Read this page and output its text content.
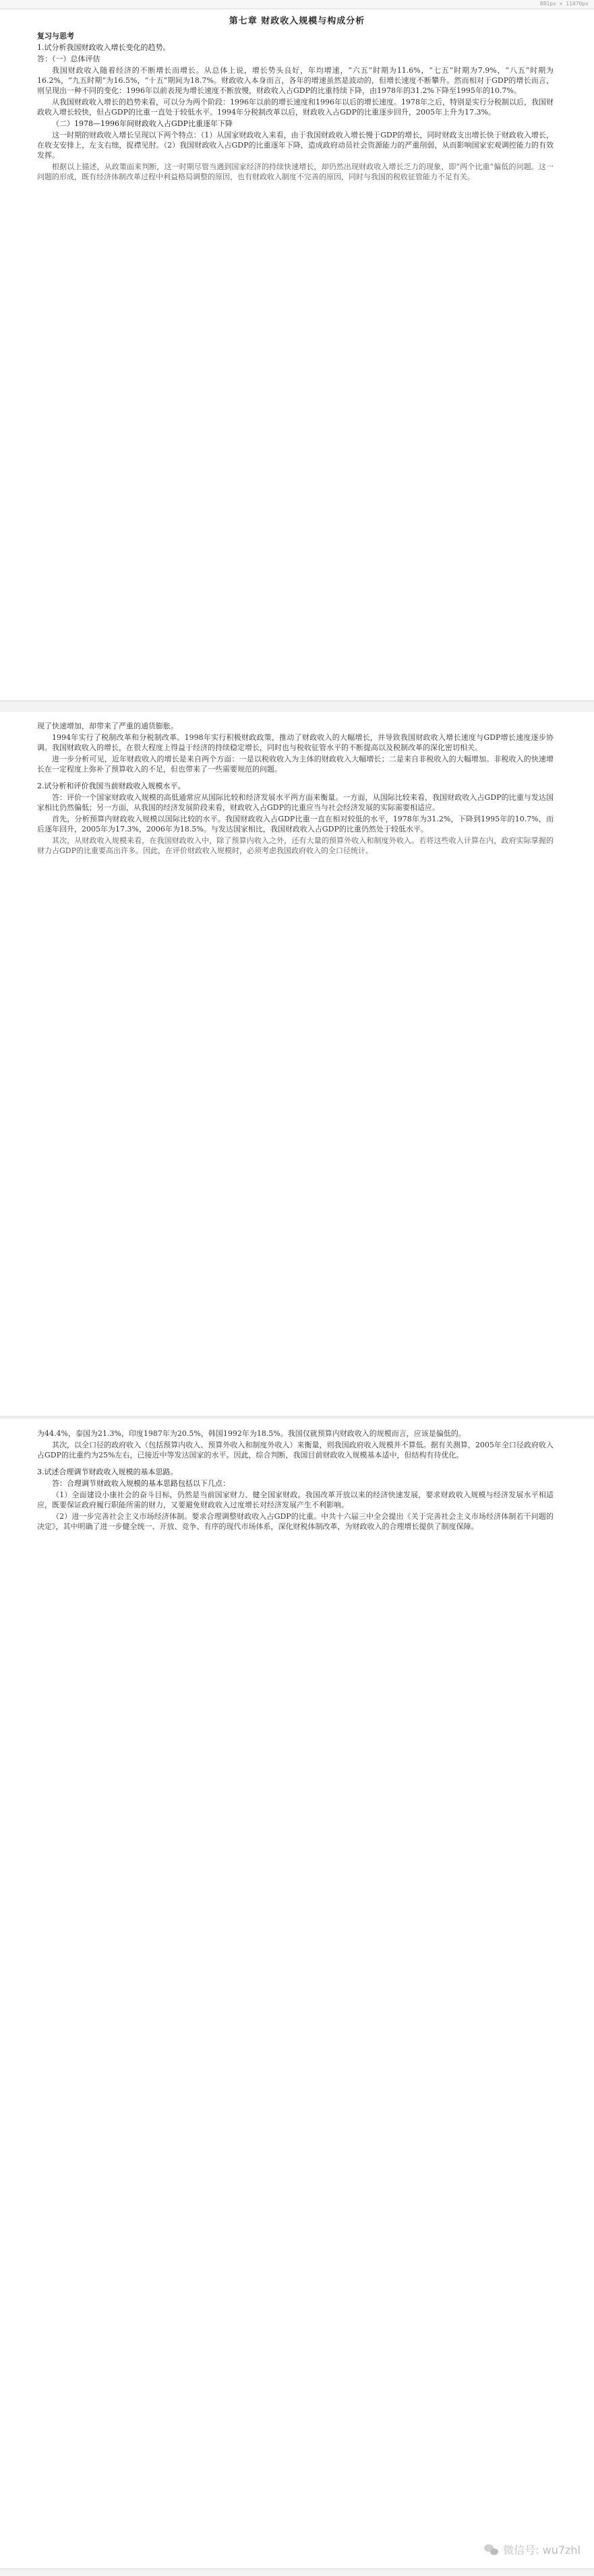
881px × 11470px
第七章 财政收入规模与构成分析
复习与思考
1.试分析我国财政收入增长变化的趋势。
答：（一）总体评估

我国财政收入随着经济的不断增长而增长。从总体上说，增长势头良好，年均增速，“六五”时期为11.6%，“七五”时期为7.9%，“八五”时期为16.2%，“九五时期”为16.5%，“十五”期间为18.7%。财政收入本身而言，各年的增速虽然是波动的，但增长速度不断攀升。然而相对于GDP的增长而言，则呈现出一种不同的变化：1996年以前表现为增长速度不断放慢，财政收入占GDP的比重持续下降，由1978年的31.2%下降至1995年的10.7%。

从我国财政收入增长的趋势来看，可以分为两个阶段：1996年以前的增长速度和1996年以后的增长速度。1978年之后，特别是实行分税制以后，我国财政收入增长较快，但占GDP的比重一直处于较低水平。1994年分税制改革以后，财政收入占GDP的比重逐步回升，2005年上升为17.3%。

（二）1978—1996年间财政收入占GDP比重逐年下降

这一时期的财政收入增长呈现以下两个特点：（1）从国家财政收入来看，由于我国财政收入增长慢于GDP的增长，同时财政支出增长快于财政收入增长，在收支安排上，左支右绌，捉襟见肘。（2）我国财政收入占GDP的比重逐年下降，造成政府动员社会资源能力的严重削弱，从而影响国家宏观调控能力的有效发挥。

根据以上描述，从政策面来判断，这一时期尽管当遇到国家经济的持续快速增长，却仍然出现财政收入增长乏力的现象，即“两个比重”偏低的问题。这一问题的形成，既有经济体制改革过程中利益格局调整的原因，也有财政收入制度不完善的原因，同时与我国的税收征管能力不足有关。

现了快速增加，却带来了严重的通货膨胀。

1994年实行了税制改革和分税制改革。1998年实行积极财政政策，推动了财政收入的大幅增长，并导致我国财政收入增长速度与GDP增长速度逐步协调。我国财政收入的增长，在很大程度上得益于经济的持续稳定增长，同时也与税收征管水平的不断提高以及税制改革的深化密切相关。

进一步分析可见，近年财政收入的增长是来自两个方面：一是以税收收入为主体的财政收入大幅增长；二是来自非税收入的大幅增加。非税收入的快速增长在一定程度上弥补了预算收入的不足，但也带来了一些需要规范的问题。

2.试分析和评价我国当前财政收入规模水平。

答：评价一个国家财政收入规模的高低通常应从国际比较和经济发展水平两方面来衡量。一方面，从国际比较来看，我国财政收入占GDP的比重与发达国家相比仍然偏低；另一方面，从我国的经济发展阶段来看，财政收入占GDP的比重应当与社会经济发展的实际需要相适应。

首先，分析预算内财政收入规模以国际比较的水平。我国财政收入占GDP比重一直在相对较低的水平，1978年为31.2%，下降到1995年的10.7%，而后逐年回升，2005年为17.3%，2006年为18.5%。与发达国家相比，我国财政收入占GDP的比重仍然处于较低水平。

其次，从财政收入规模来看，在我国财政收入中，除了预算内收入之外，还有大量的预算外收入和制度外收入。若将这些收入计算在内，政府实际掌握的财力占GDP的比重要高出许多。因此，在评价财政收入规模时，必须考虑我国政府收入的全口径统计。

为44.4%，泰国为21.3%，印度1987年为20.5%，韩国1992年为18.5%。我国仅就预算内财政收入的规模而言，应该是偏低的。

其次，以全口径的政府收入（包括预算内收入、预算外收入和制度外收入）来衡量，则我国政府收入规模并不算低。据有关测算，2005年全口径政府收入占GDP的比重约为25%左右，已接近中等发达国家的水平。因此，综合判断，我国目前财政收入规模基本适中，但结构有待优化。

3.试述合理调节财政收入规模的基本思路。
答：合理调节财政收入规模的基本思路包括以下几点：

（1）全面建设小康社会的奋斗目标，仍然是当前国家财力、健全国家财政。我国改革开放以来的经济快速发展，要求财政收入规模与经济发展水平相适应，既要保证政府履行职能所需的财力，又要避免财政收入过度增长对经济发展产生不利影响。

（2）进一步完善社会主义市场经济体制。要求合理调整财政收入占GDP的比重。中共十六届三中全会提出《关于完善社会主义市场经济体制若干问题的决定》，其中明确了进一步健全统一、开放、竞争、有序的现代市场体系，深化财税体制改革，为财政收入的合理增长提供了制度保障。

微信号: wu7zhl
